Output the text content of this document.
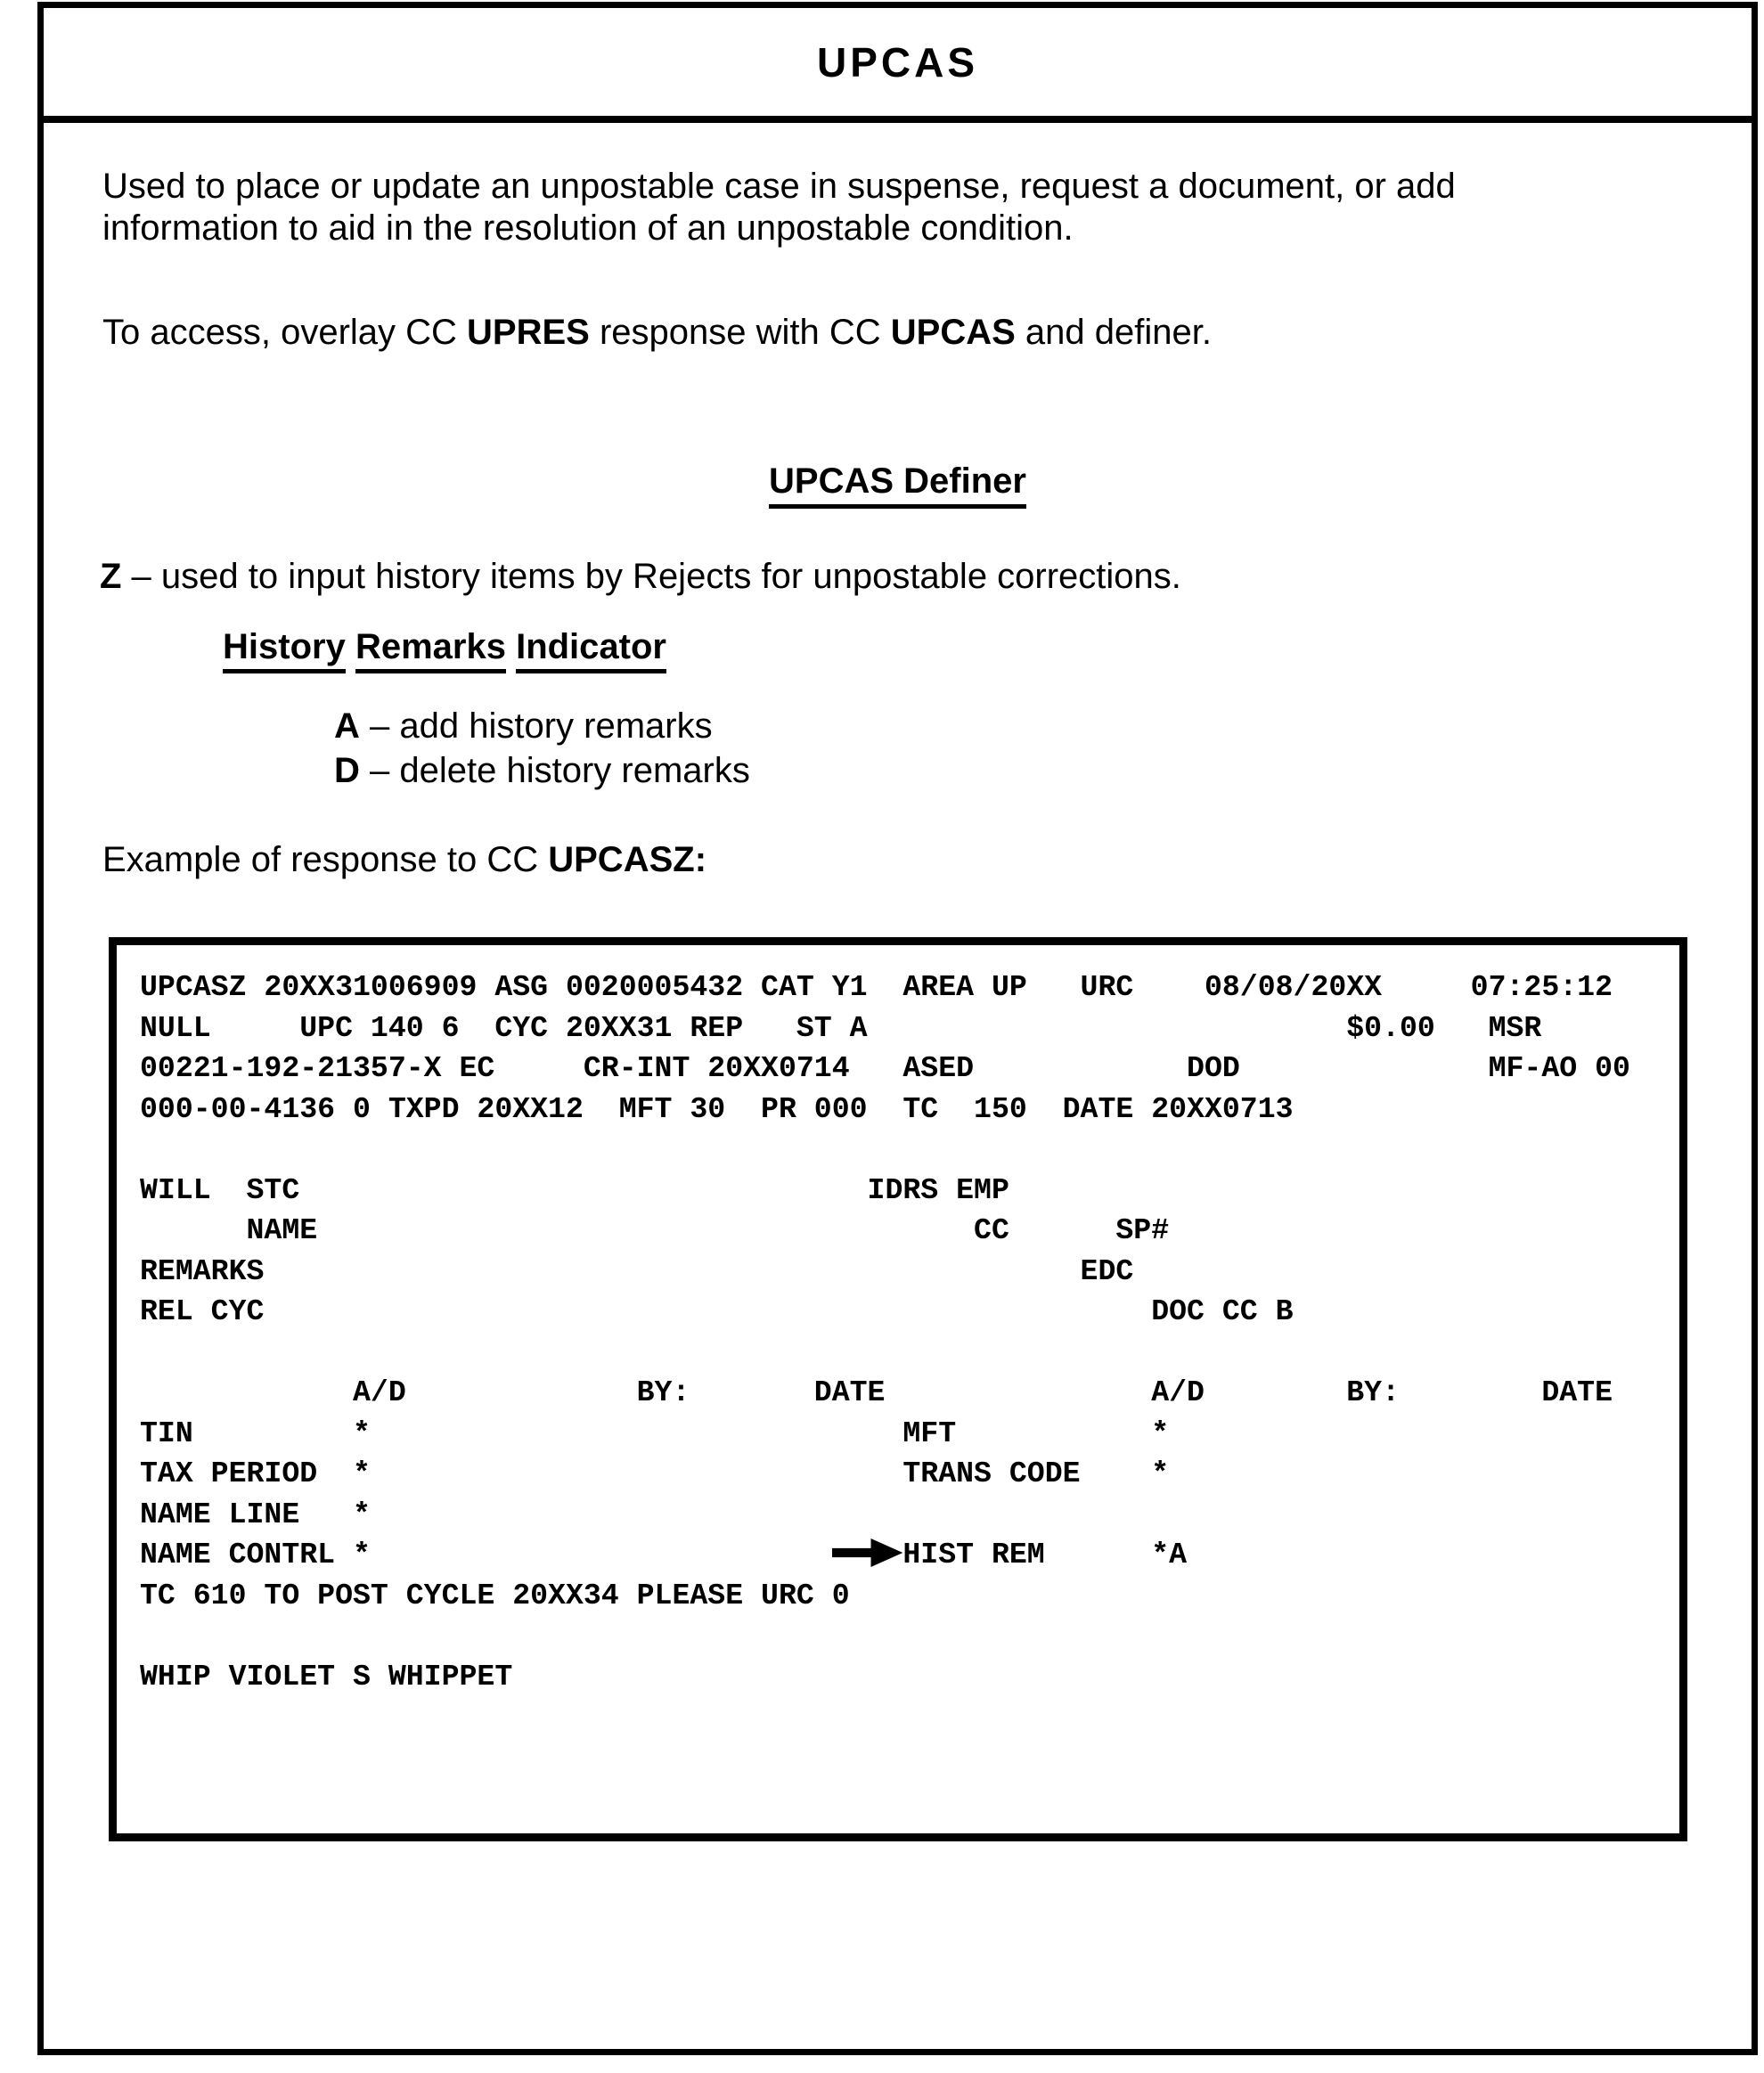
UPCAS
Used to place or update an unpostable case in suspense, request a document, or add
information to aid in the resolution of an unpostable condition.
To access, overlay CC UPRES response with CC UPCAS and definer.
UPCAS Definer
Z – used to input history items by Rejects for unpostable corrections.
History Remarks Indicator
A – add history remarks
D – delete history remarks
Example of response to CC UPCASZ:
UPCASZ 20XX31006909 ASG 0020005432 CAT Y1  AREA UP   URC    08/08/20XX     07:25:12
NULL     UPC 140 6  CYC 20XX31 REP   ST A                           $0.00   MSR
00221-192-21357-X EC     CR-INT 20XX0714   ASED            DOD              MF-AO 00
000-00-4136 0 TXPD 20XX12  MFT 30  PR 000  TC  150  DATE 20XX0713
WILL  STC                                IDRS EMP
NAME                                     CC      SP#
REMARKS                                              EDC
REL CYC                                                  DOC CC B
A/D             BY:       DATE               A/D        BY:        DATE
TIN         *                              MFT           *
TAX PERIOD  *                              TRANS CODE    *
NAME LINE   *
NAME CONTRL *                          HIST REM      *A
TC 610 TO POST CYCLE 20XX34 PLEASE URC 0
WHIP VIOLET S WHIPPET
